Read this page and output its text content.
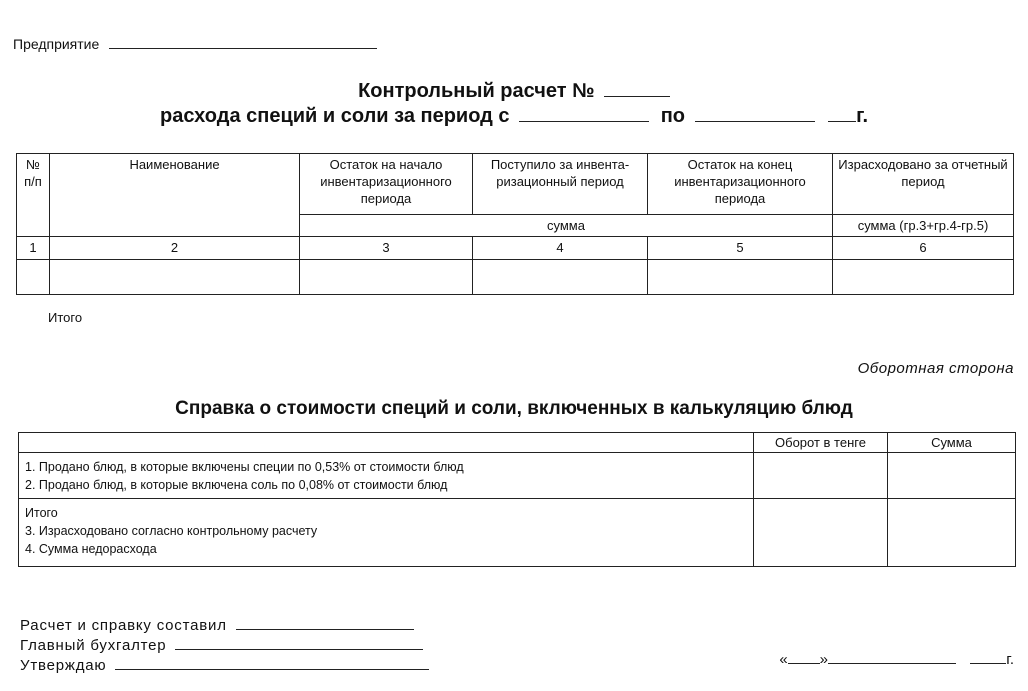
Предприятие
Контрольный расчет №
расхода специй и соли за период с	по	г.
№ п/п	Наименование	Остаток на начало инвентаризационного периода	Поступило за инвента-ризационный период	Остаток на конец инвентаризационного периода	Израсходовано за отчетный период
		сумма			сумма (гр.3+гр.4-гр.5)
1	2	3	4	5	6

Итого
Оборотная сторона
Справка о стоимости специй и соли, включенных в калькуляцию блюд
	Оборот в тенге	Сумма

1. Продано блюд, в которые включены специи по 0,53% от стоимости блюд
2. Продано блюд, в которые включена соль по 0,08% от стоимости блюд		

Итого
3. Израсходовано согласно контрольному расчету
4. Сумма недорасхода		

Расчет и справку составил
Главный бухгалтер
Утверждаю	« »	г.
